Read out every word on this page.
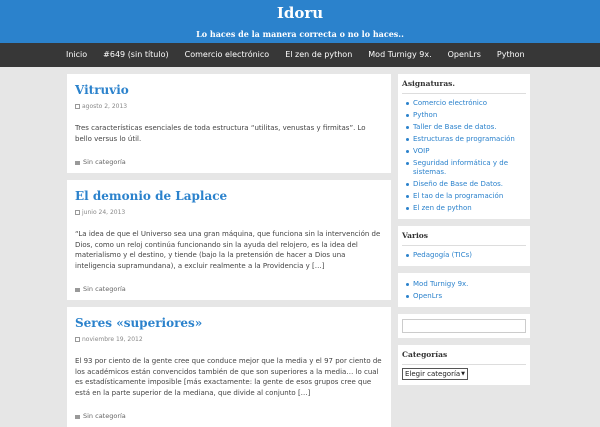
Idoru
Lo haces de la manera correcta o no lo haces..
Inicio #649 (sin título) Comercio electrónico El zen de python Mod Turnigy 9x. OpenLrs Python
Vitruvio
agosto 2, 2013

Tres características esenciales de toda estructura “utilitas, venustas y firmitas”. Lo bello versus lo útil.

Sin categoría
El demonio de Laplace
junio 24, 2013

“La idea de que el Universo sea una gran máquina, que funciona sin la intervención de Dios, como un reloj continúa funcionando sin la ayuda del relojero, es la idea del materialismo y el destino, y tiende (bajo la la pretensión de hacer a Dios una inteligencia supramundana), a excluir realmente a la Providencia y […]

Sin categoría
Seres «superiores»
noviembre 19, 2012

El 93 por ciento de la gente cree que conduce mejor que la media y el 97 por ciento de los académicos están convencidos también de que son superiores a la media… lo cual es estadísticamente imposible [más exactamente: la gente de esos grupos cree que está en la parte superior de la mediana, que divide al conjunto […]

Sin categoría
Asignaturas.
Comercio electrónico
Python
Taller de Base de datos.
Estructuras de programación
VOIP
Seguridad informática y de sistemas.
Diseño de Base de Datos.
El tao de la programación
El zen de python
Varios
Pedagogía (TICs)
Mod Turnigy 9x.
OpenLrs
Categorías
Elegir categoría ▼
